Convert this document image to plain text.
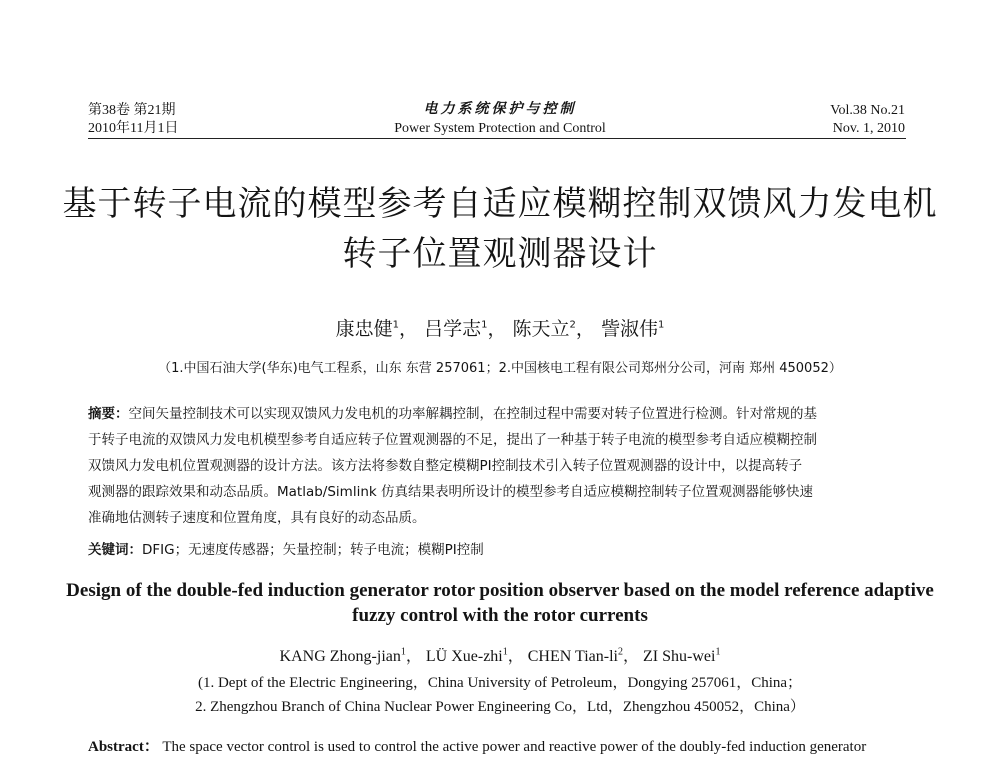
第38卷 第21期
2010年11月1日
电力系统保护与控制
Power System Protection and Control
Vol.38 No.21
Nov. 1, 2010
基于转子电流的模型参考自适应模糊控制双馈风力发电机
转子位置观测器设计
康忠健$^1$， 吕学志$^1$， 陈天立$^2$， 訾淑伟$^1$
（1.中国石油大学(华东)电气工程系，山东 东营 257061；2.中国核电工程有限公司郑州分公司，河南 郑州 450052）
摘要：空间矢量控制技术可以实现双馈风力发电机的功率解耦控制，在控制过程中需要对转子位置进行检测。针对常规的基
于转子电流的双馈风力发电机模型参考自适应转子位置观测器的不足，提出了一种基于转子电流的模型参考自适应模糊控制
双馈风力发电机位置观测器的设计方法。该方法将参数自整定模糊PI控制技术引入转子位置观测器的设计中，以提高转子
观测器的跟踪效果和动态品质。Matlab/Simlink 仿真结果表明所设计的模型参考自适应模糊控制转子位置观测器能够快速
准确地估测转子速度和位置角度，具有良好的动态品质。
关键词：DFIG；无速度传感器；矢量控制；转子电流；模糊PI控制
Design of the double-fed induction generator rotor position observer based on the model reference adaptive
fuzzy control with the rotor currents
KANG Zhong-jian$^1$， LÜ Xue-zhi$^1$， CHEN Tian-$li^2$， ZI Shu-wei$^1$
(1. Dept of the Electric Engineering，China University of Petroleum，Dongying 257061，China；
2. Zhengzhou Branch of China Nuclear Power Engineering Co，Ltd，Zhengzhou 450052，China）
Abstract： The space vector control is used to control the active power and reactive power of the doubly-fed induction generator
